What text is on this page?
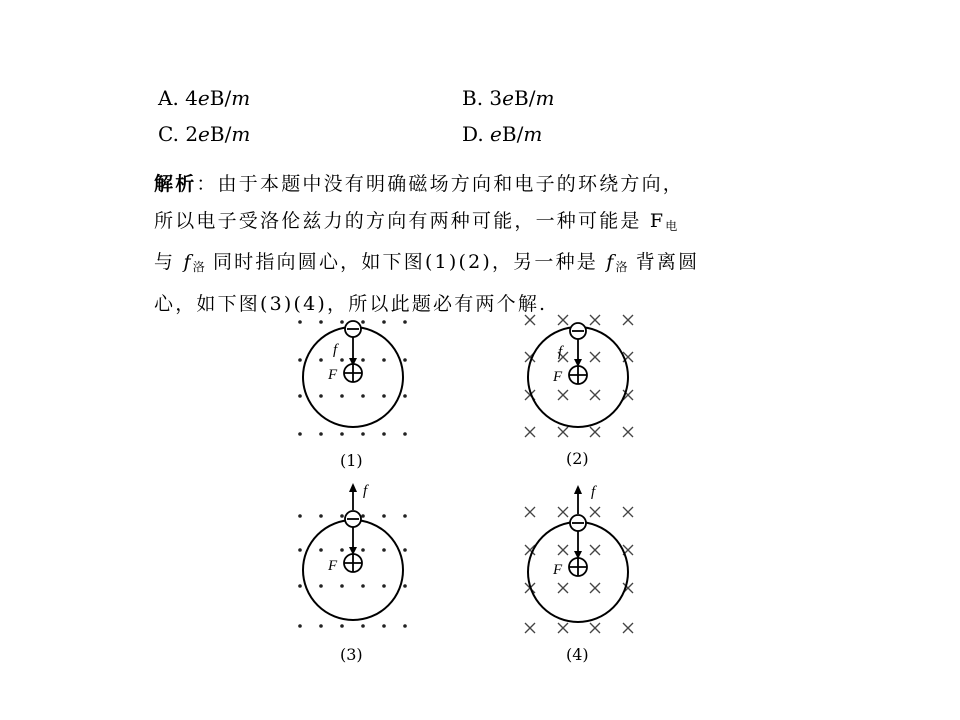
A. 4eB/m	B. 3eB/m
C. 2eB/m	D. eB/m
解析：由于本题中没有明确磁场方向和电子的环绕方向，
所以电子受洛伦兹力的方向有两种可能，一种可能是 $F_电$
与 $f_洛$ 同时指向圆心，如下图(1)(2)，另一种是 $f_洛$ 背离圆
心，如下图(3)(4)，所以此题必有两个解.
f
F
(1)
f
F
(2)
f
F
(3)
f
F
(4)
